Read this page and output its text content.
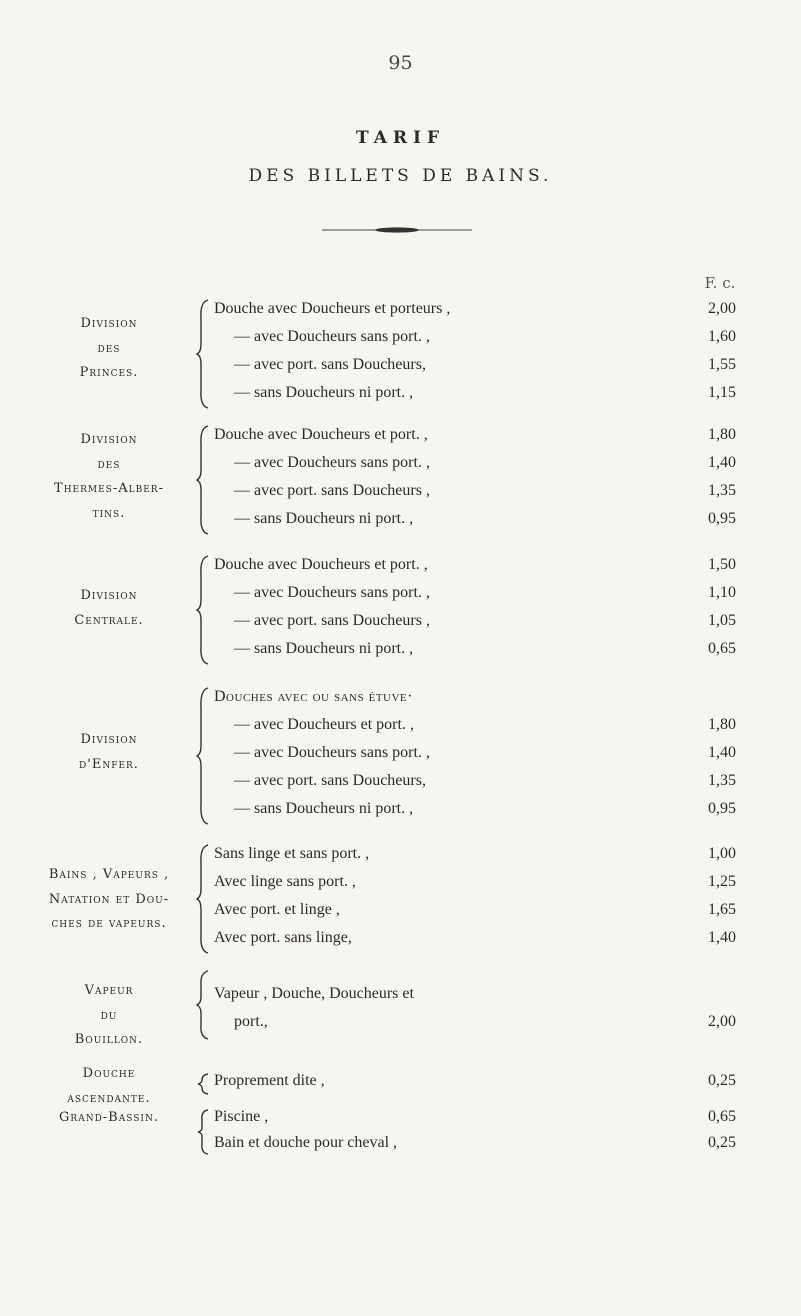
95
TARIF
DES BILLETS DE BAINS.
F. c.
Division
des
Princes.
Douche avec Doucheurs et porteurs ,	2,00
— avec Doucheurs sans port. ,	1,60
— avec port. sans Doucheurs,	1,55
— sans Doucheurs ni port. ,	1,15
Division
des
Thermes-Alber-
tins.
Douche avec Doucheurs et port. ,	1,80
— avec Doucheurs sans port. ,	1,40
— avec port. sans Doucheurs ,	1,35
— sans Doucheurs ni port. ,	0,95
Division
Centrale.
Douche avec Doucheurs et port. ,	1,50
— avec Doucheurs sans port. ,	1,10
— avec port. sans Doucheurs ,	1,05
— sans Doucheurs ni port. ,	0,65
Division
d'Enfer.
Douches avec ou sans étuve·
— avec Doucheurs et port. ,	1,80
— avec Doucheurs sans port. ,	1,40
— avec port. sans Doucheurs,	1,35
— sans Doucheurs ni port. ,	0,95
Bains , Vapeurs ,
Natation et Dou-
ches de vapeurs.
Sans linge et sans port. ,	1,00
Avec linge sans port. ,	1,25
Avec port. et linge ,	1,65
Avec port. sans linge,	1,40
Vapeur
du
Bouillon.
Vapeur , Douche, Doucheurs et
port.,	2,00
Douche
ascendante.
Proprement dite ,	0,25
Grand-Bassin.	Piscine ,	0,65
Bain et douche pour cheval ,	0,25
